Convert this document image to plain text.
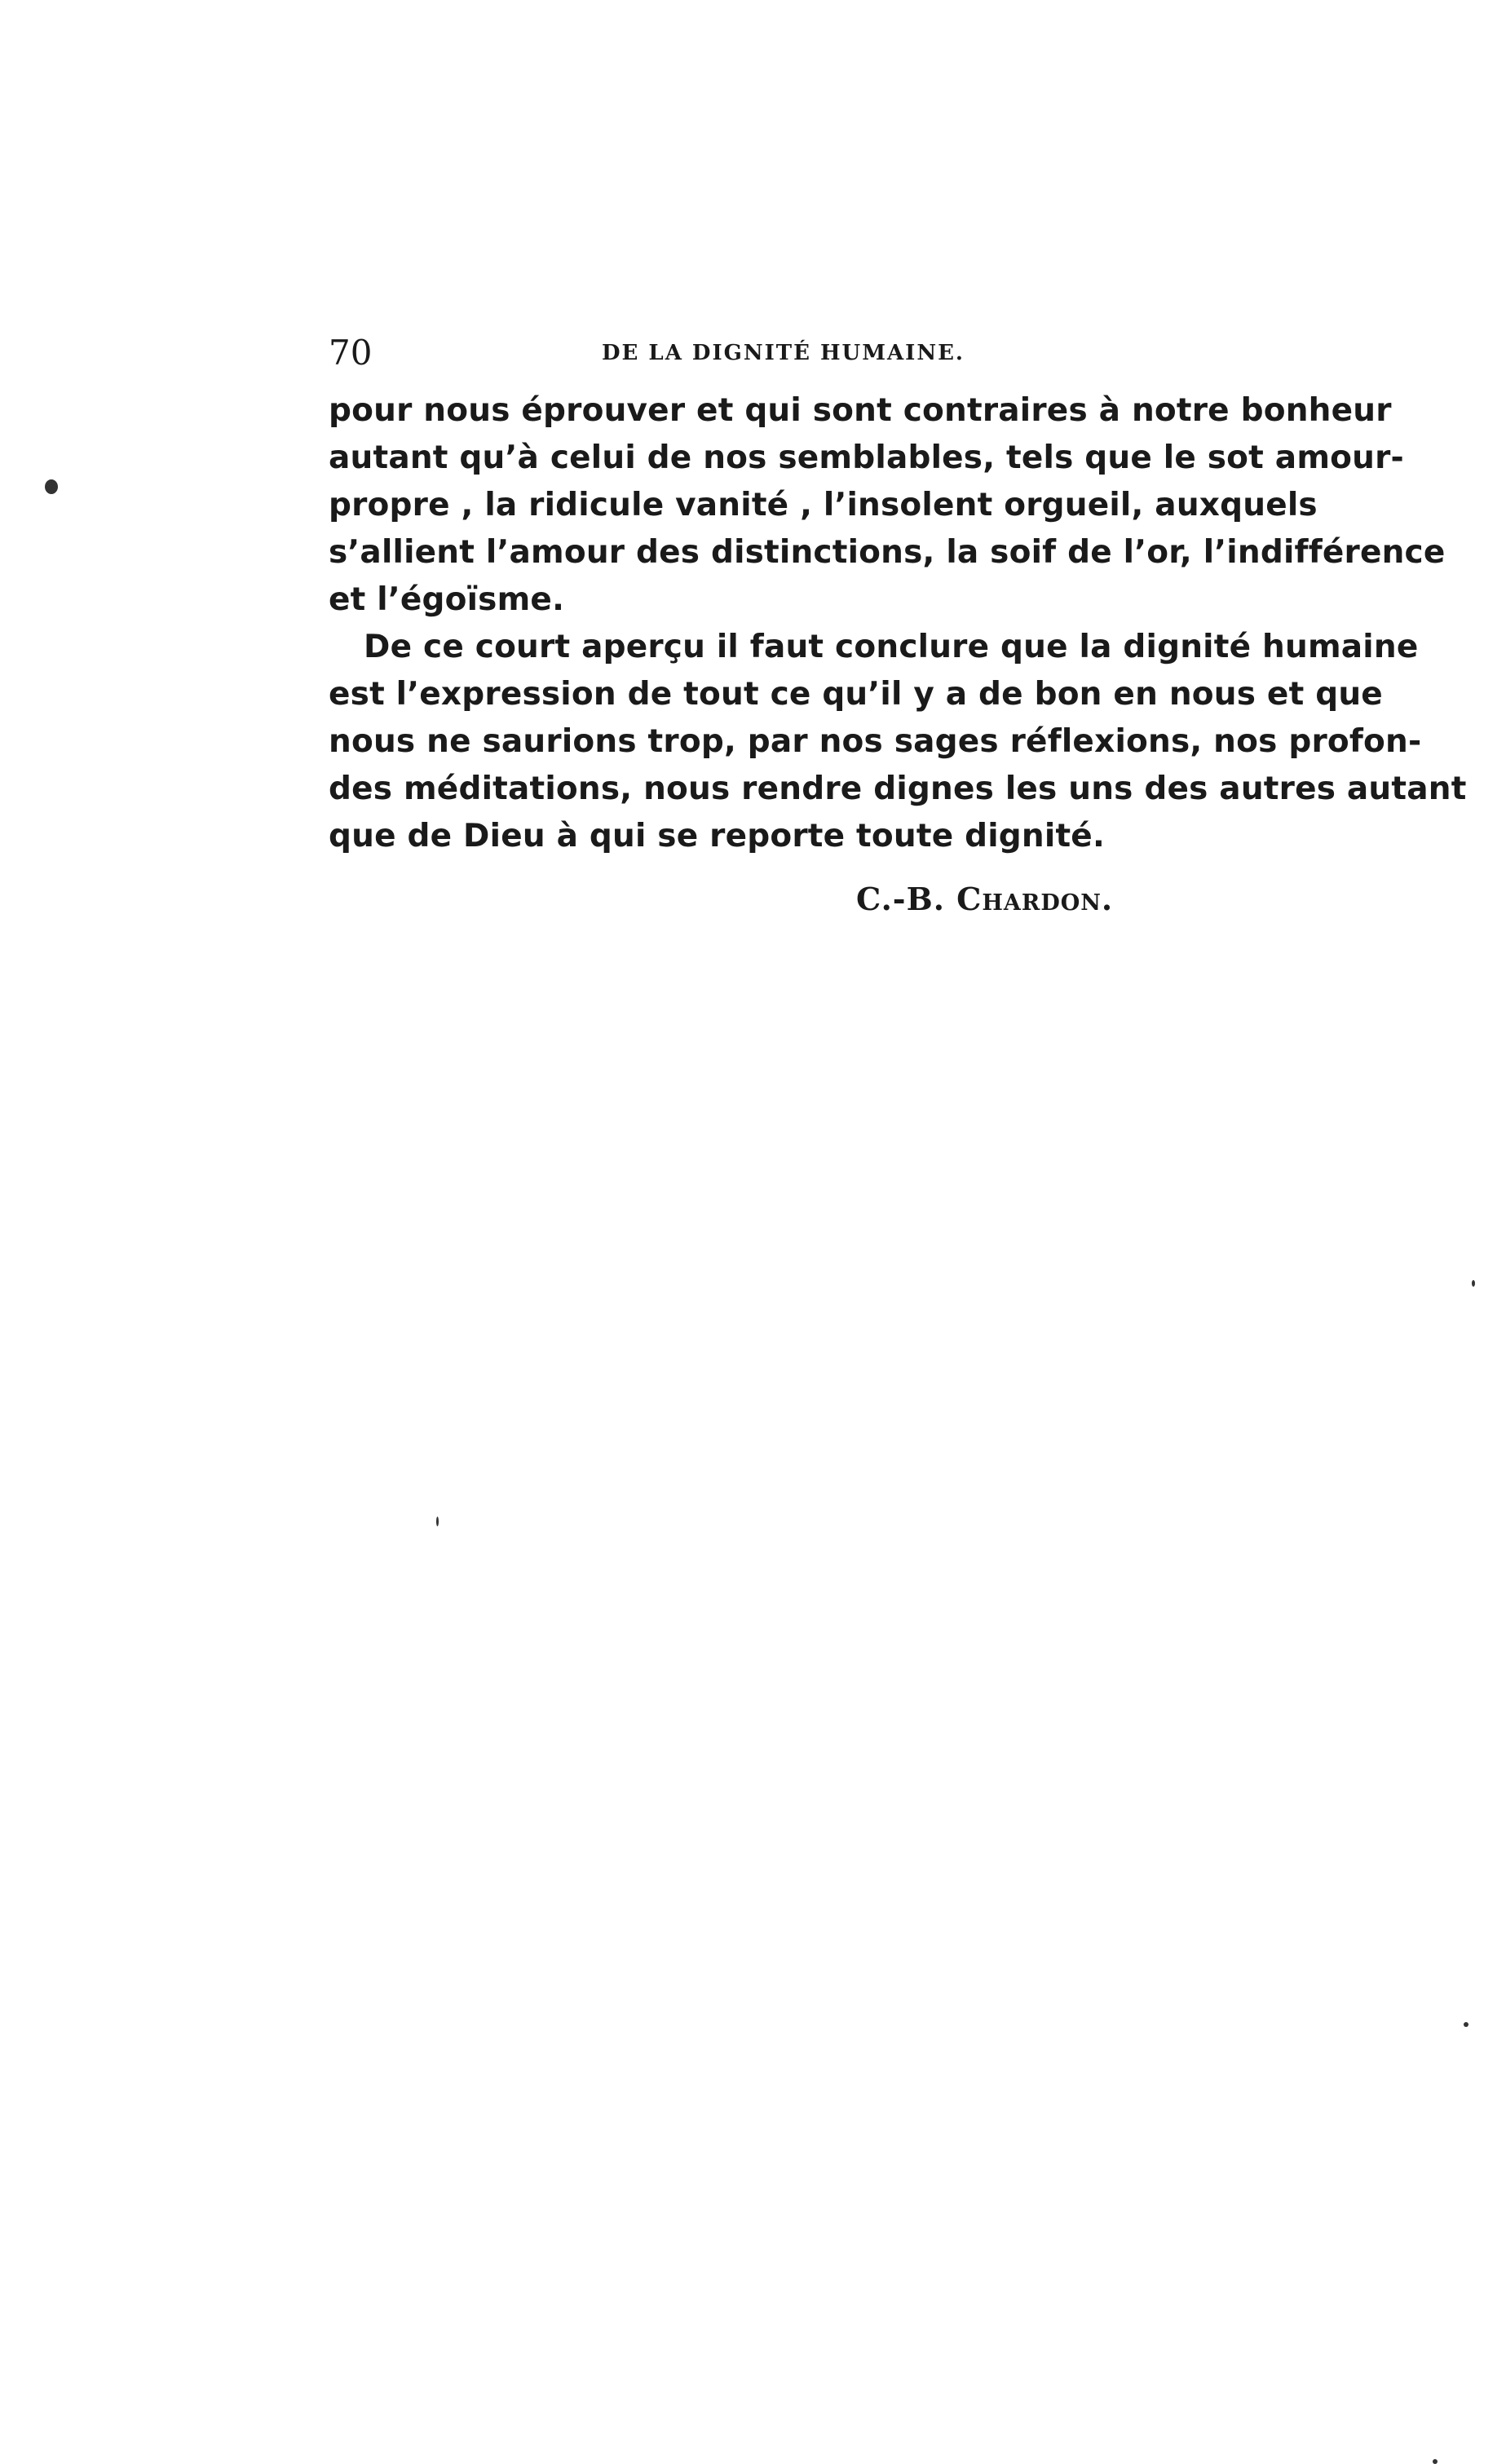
70	DE LA DIGNITÉ HUMAINE.
pour nous éprouver et qui sont contraires à notre bonheur
autant qu’à celui de nos semblables, tels que le sot amour-
propre , la ridicule vanité , l’insolent orgueil, auxquels
s’allient l’amour des distinctions, la soif de l’or, l’indifférence
et l’égoïsme.
De ce court aperçu il faut conclure que la dignité humaine
est l’expression de tout ce qu’il y a de bon en nous et que
nous ne saurions trop, par nos sages réflexions, nos profon-
des méditations, nous rendre dignes les uns des autres autant
que de Dieu à qui se reporte toute dignité.
C.-B. Chardon.
